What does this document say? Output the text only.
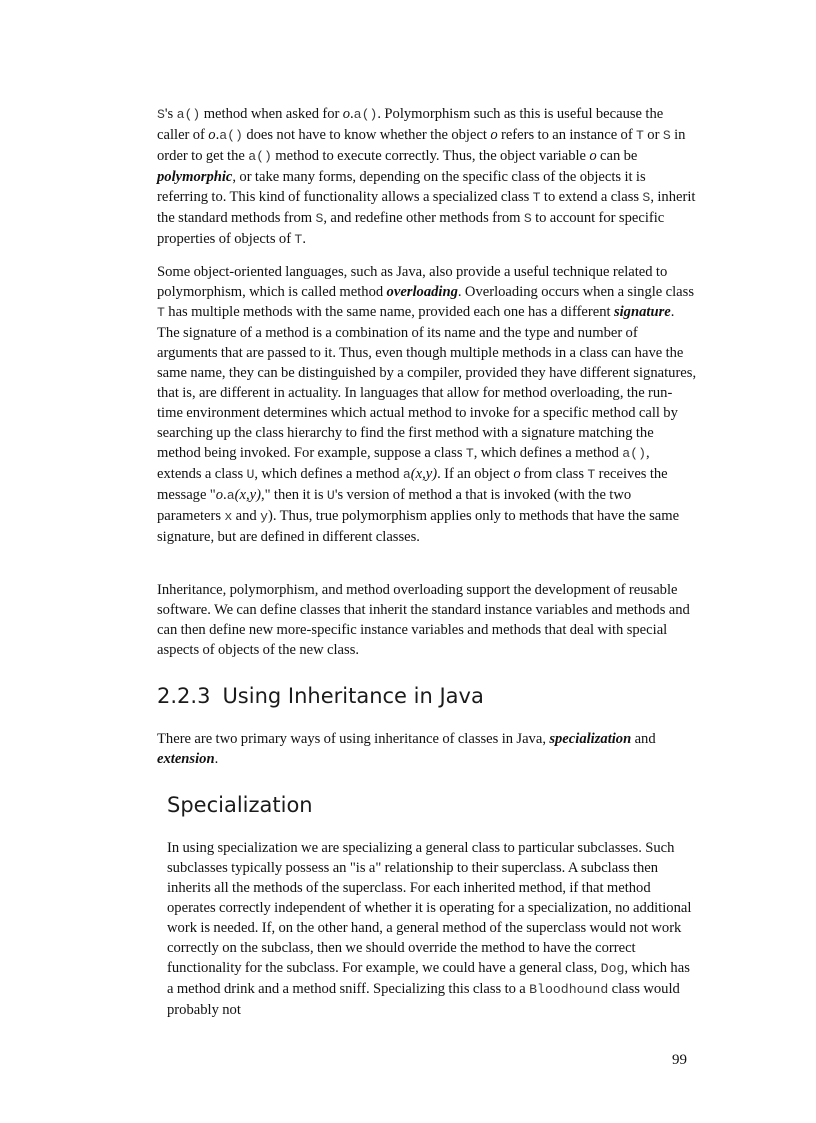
S's a() method when asked for o.a(). Polymorphism such as this is useful because the caller of o.a() does not have to know whether the object o refers to an instance of T or S in order to get the a() method to execute correctly. Thus, the object variable o can be polymorphic, or take many forms, depending on the specific class of the objects it is referring to. This kind of functionality allows a specialized class T to extend a class S, inherit the standard methods from S, and redefine other methods from S to account for specific properties of objects of T.

Some object-oriented languages, such as Java, also provide a useful technique related to polymorphism, which is called method overloading. Overloading occurs when a single class T has multiple methods with the same name, provided each one has a different signature. The signature of a method is a combination of its name and the type and number of arguments that are passed to it. Thus, even though multiple methods in a class can have the same name, they can be distinguished by a compiler, provided they have different signatures, that is, are different in actuality. In languages that allow for method overloading, the run-time environment determines which actual method to invoke for a specific method call by searching up the class hierarchy to find the first method with a signature matching the method being invoked. For example, suppose a class T, which defines a method a(), extends a class U, which defines a method a(x,y). If an object o from class T receives the message "o.a(x,y)," then it is U's version of method a that is invoked (with the two parameters x and y). Thus, true polymorphism applies only to methods that have the same signature, but are defined in different classes.

Inheritance, polymorphism, and method overloading support the development of reusable software. We can define classes that inherit the standard instance variables and methods and can then define new more-specific instance variables and methods that deal with special aspects of objects of the new class.

2.2.3 Using Inheritance in Java

There are two primary ways of using inheritance of classes in Java, specialization and extension.

Specialization

In using specialization we are specializing a general class to particular subclasses. Such subclasses typically possess an "is a" relationship to their superclass. A subclass then inherits all the methods of the superclass. For each inherited method, if that method operates correctly independent of whether it is operating for a specialization, no additional work is needed. If, on the other hand, a general method of the superclass would not work correctly on the subclass, then we should override the method to have the correct functionality for the subclass. For example, we could have a general class, Dog, which has a method drink and a method sniff. Specializing this class to a Bloodhound class would probably not

99
